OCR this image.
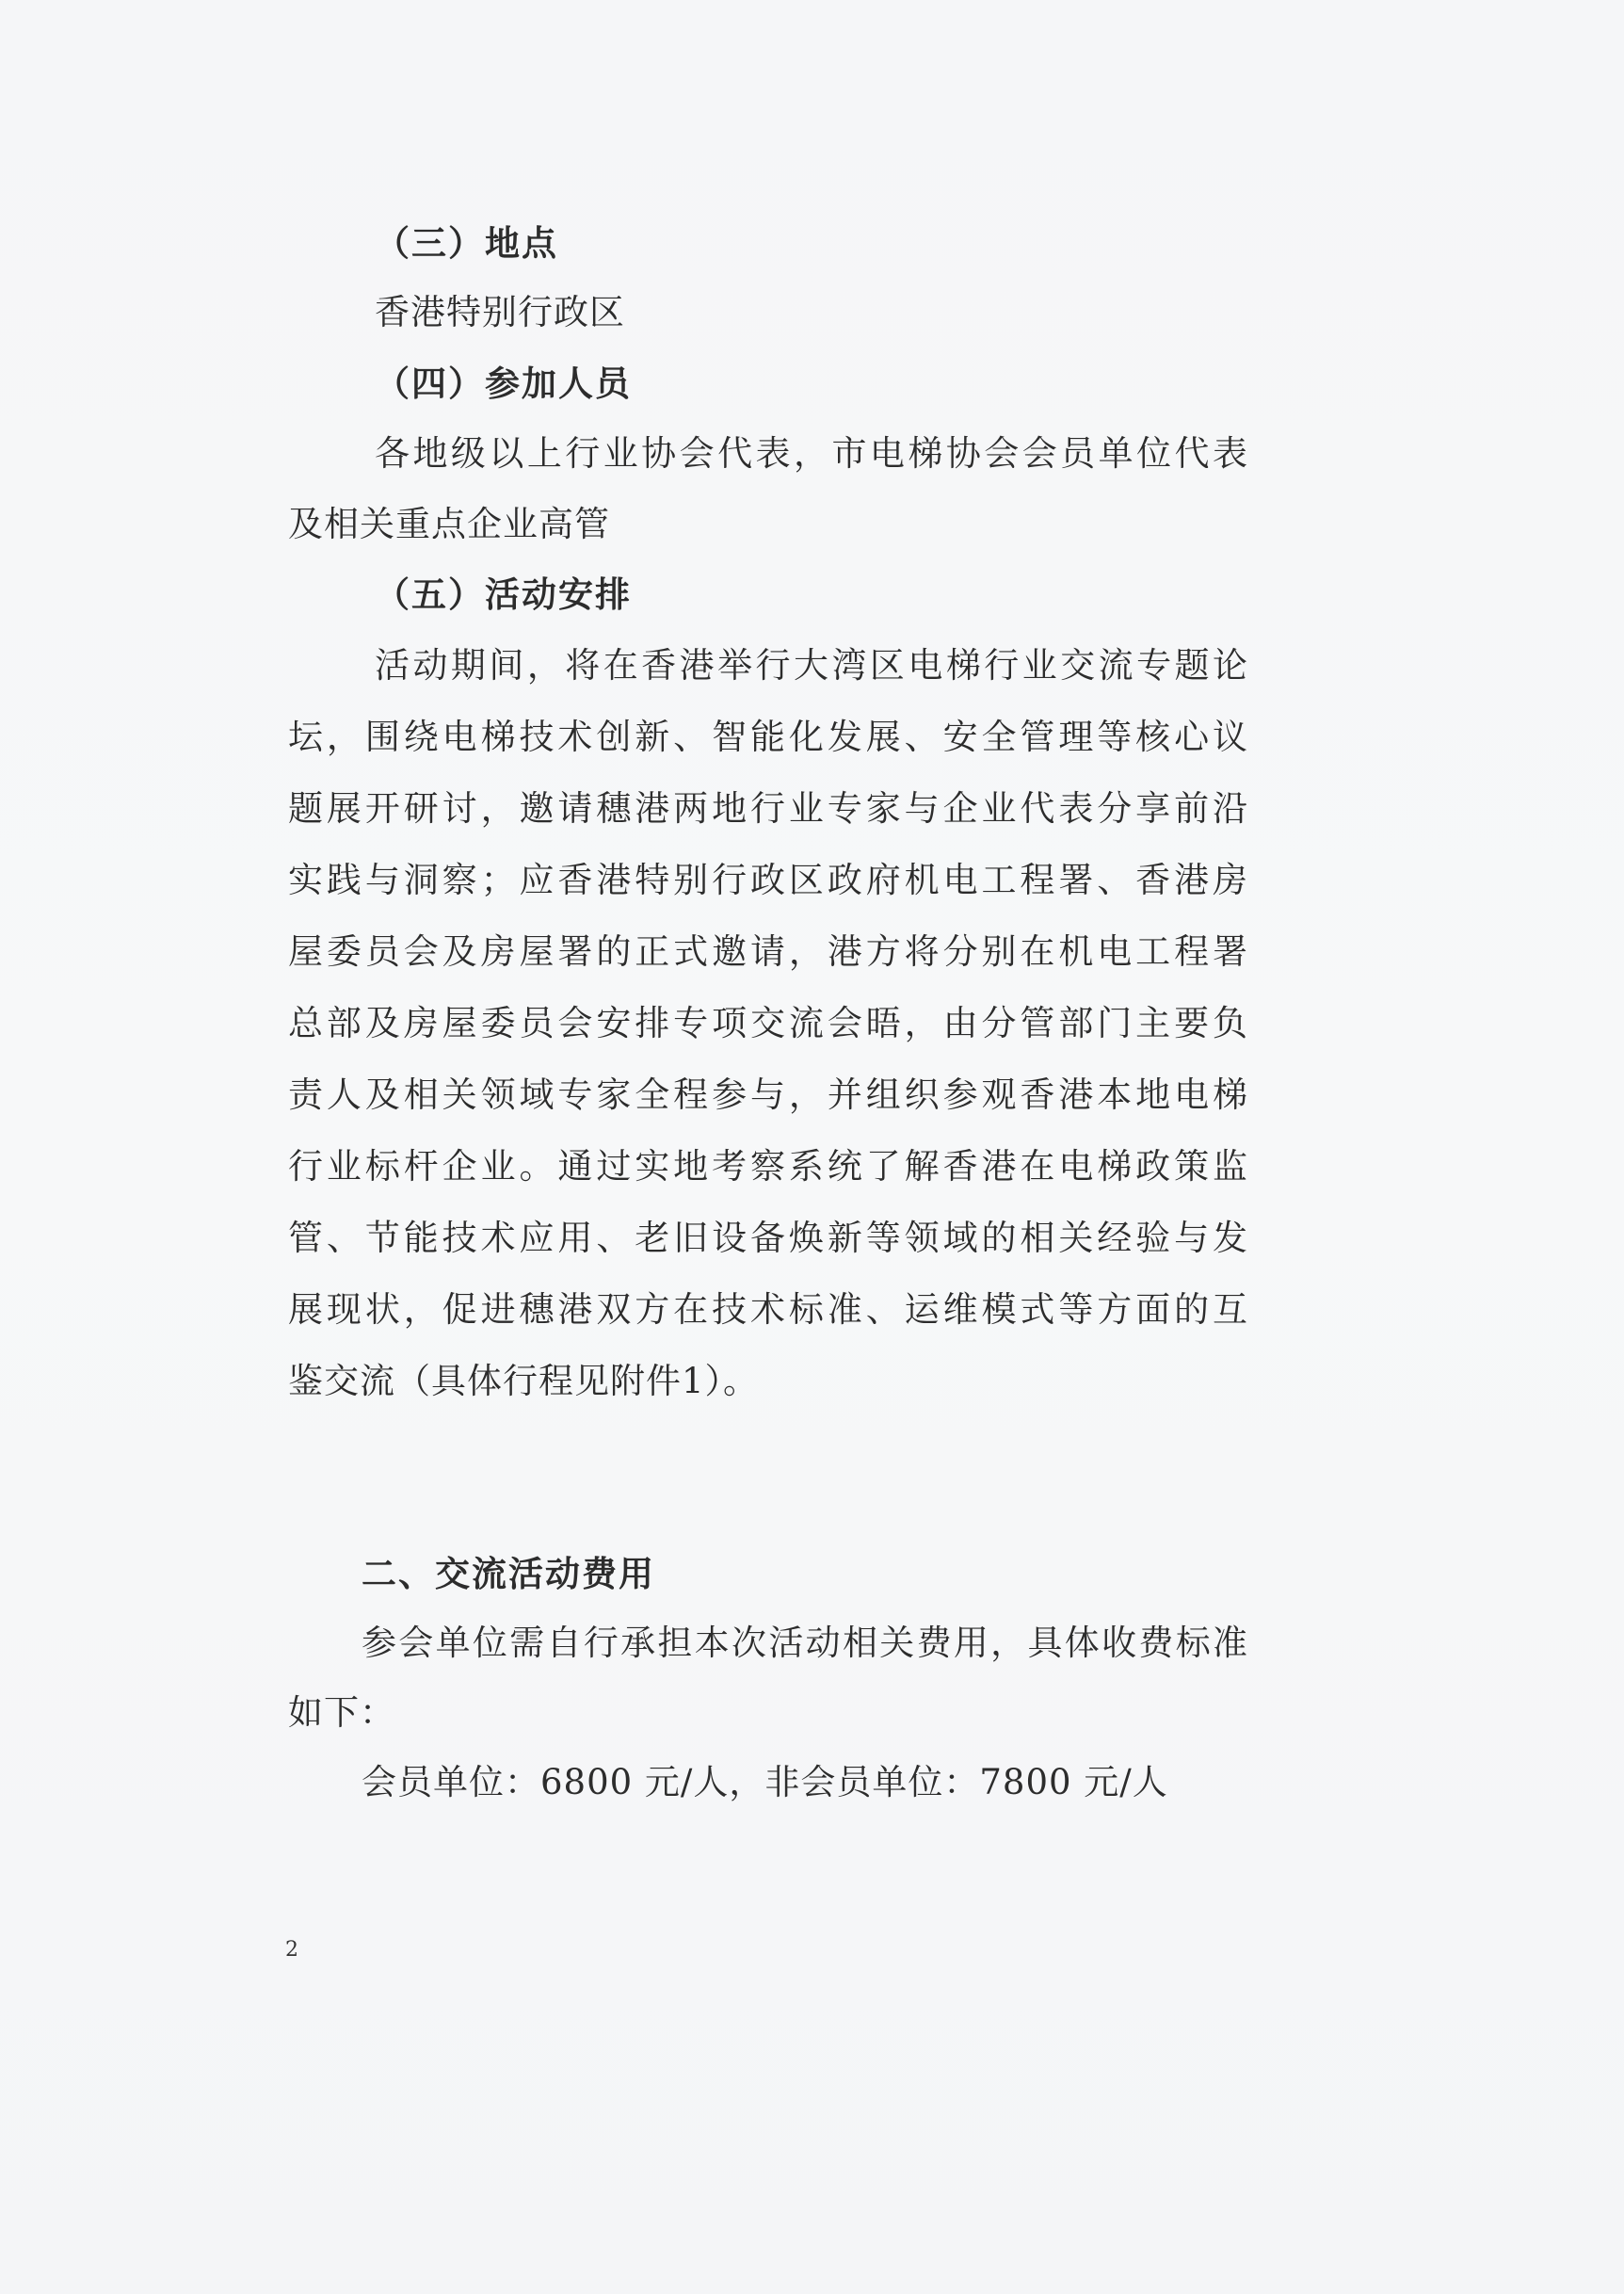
（三）地点
香港特别行政区
（四）参加人员
各地级以上行业协会代表，市电梯协会会员单位代表
及相关重点企业高管
（五）活动安排
活动期间，将在香港举行大湾区电梯行业交流专题论
坛，围绕电梯技术创新、智能化发展、安全管理等核心议
题展开研讨，邀请穗港两地行业专家与企业代表分享前沿
实践与洞察；应香港特别行政区政府机电工程署、香港房
屋委员会及房屋署的正式邀请，港方将分别在机电工程署
总部及房屋委员会安排专项交流会晤，由分管部门主要负
责人及相关领域专家全程参与，并组织参观香港本地电梯
行业标杆企业。通过实地考察系统了解香港在电梯政策监
管、节能技术应用、老旧设备焕新等领域的相关经验与发
展现状，促进穗港双方在技术标准、运维模式等方面的互
鉴交流（具体行程见附件1）。
二、交流活动费用
参会单位需自行承担本次活动相关费用，具体收费标准
如下：
会员单位：6800 元/人，非会员单位：7800 元/人
2
